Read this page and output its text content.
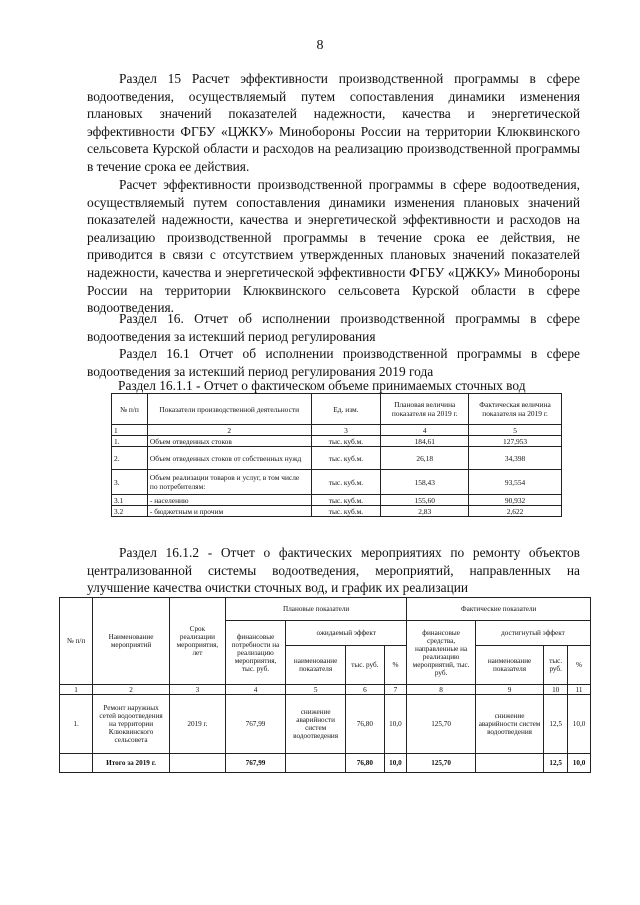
8

Раздел 15 Расчет эффективности производственной программы в сфере водоотведения, осуществляемый путем сопоставления динамики изменения плановых значений показателей надежности, качества и энергетической эффективности ФГБУ «ЦЖКУ» Минобороны России на территории Клюквинского сельсовета Курской области и расходов на реализацию производственной программы в течение срока ее действия.

Расчет эффективности производственной программы в сфере водоотведения, осуществляемый путем сопоставления динамики изменения плановых значений показателей надежности, качества и энергетической эффективности и расходов на реализацию производственной программы в течение срока ее действия, не приводится в связи с отсутствием утвержденных плановых значений показателей надежности, качества и энергетической эффективности ФГБУ «ЦЖКУ» Минобороны России на территории Клюквинского сельсовета Курской области в сфере водоотведения.

Раздел 16. Отчет об исполнении производственной программы в сфере водоотведения за истекший период регулирования

Раздел 16.1 Отчет об исполнении производственной программы в сфере водоотведения за истекший период регулирования 2019 года

Раздел 16.1.1 - Отчет о фактическом объеме принимаемых сточных вод

№ п/п	Показатели производственной деятельности	Ед. изм.	Плановая величина показателя на 2019 г.	Фактическая величина показателя на 2019 г.
1	2	3	4	5
1.	Объем отведенных стоков	тыс. куб.м.	184,61	127,953
2.	Объем отведенных стоков от собственных нужд	тыс. куб.м.	26,18	34,398
3.	Объем реализации товаров и услуг, в том числе по потребителям:	тыс. куб.м.	158,43	93,554
3.1	- населению	тыс. куб.м.	155,60	90,932
3.2	- бюджетным и прочим	тыс. куб.м.	2,83	2,622

Раздел 16.1.2 - Отчет о фактических мероприятиях по ремонту объектов централизованной системы водоотведения, мероприятий, направленных на улучшение качества очистки сточных вод, и график их реализации

№ п/п	Наименование мероприятий	Срок реализации мероприятия, лет	Плановые показатели				Фактические показатели			
			финансовые потребности на реализацию мероприятия, тыс. руб.	ожидаемый эффект			финансовые средства, направленные на реализацию мероприятий, тыс. руб.	достигнутый эффект		
				наименование показателя	тыс. руб.	%		наименование показателя	тыс. руб.	%
1	2	3	4	5	6	7	8	9	10	11
1.	Ремонт наружных сетей водоотведения на территории Клюквинского сельсовета	2019 г.	767,99	снижение аварийности систем водоотведения	76,80	10,0	125,70	снижение аварийности систем водоотведения	12,5	10,0
	Итого за 2019 г.		767,99		76,80	10,0	125,70		12,5	10,0
